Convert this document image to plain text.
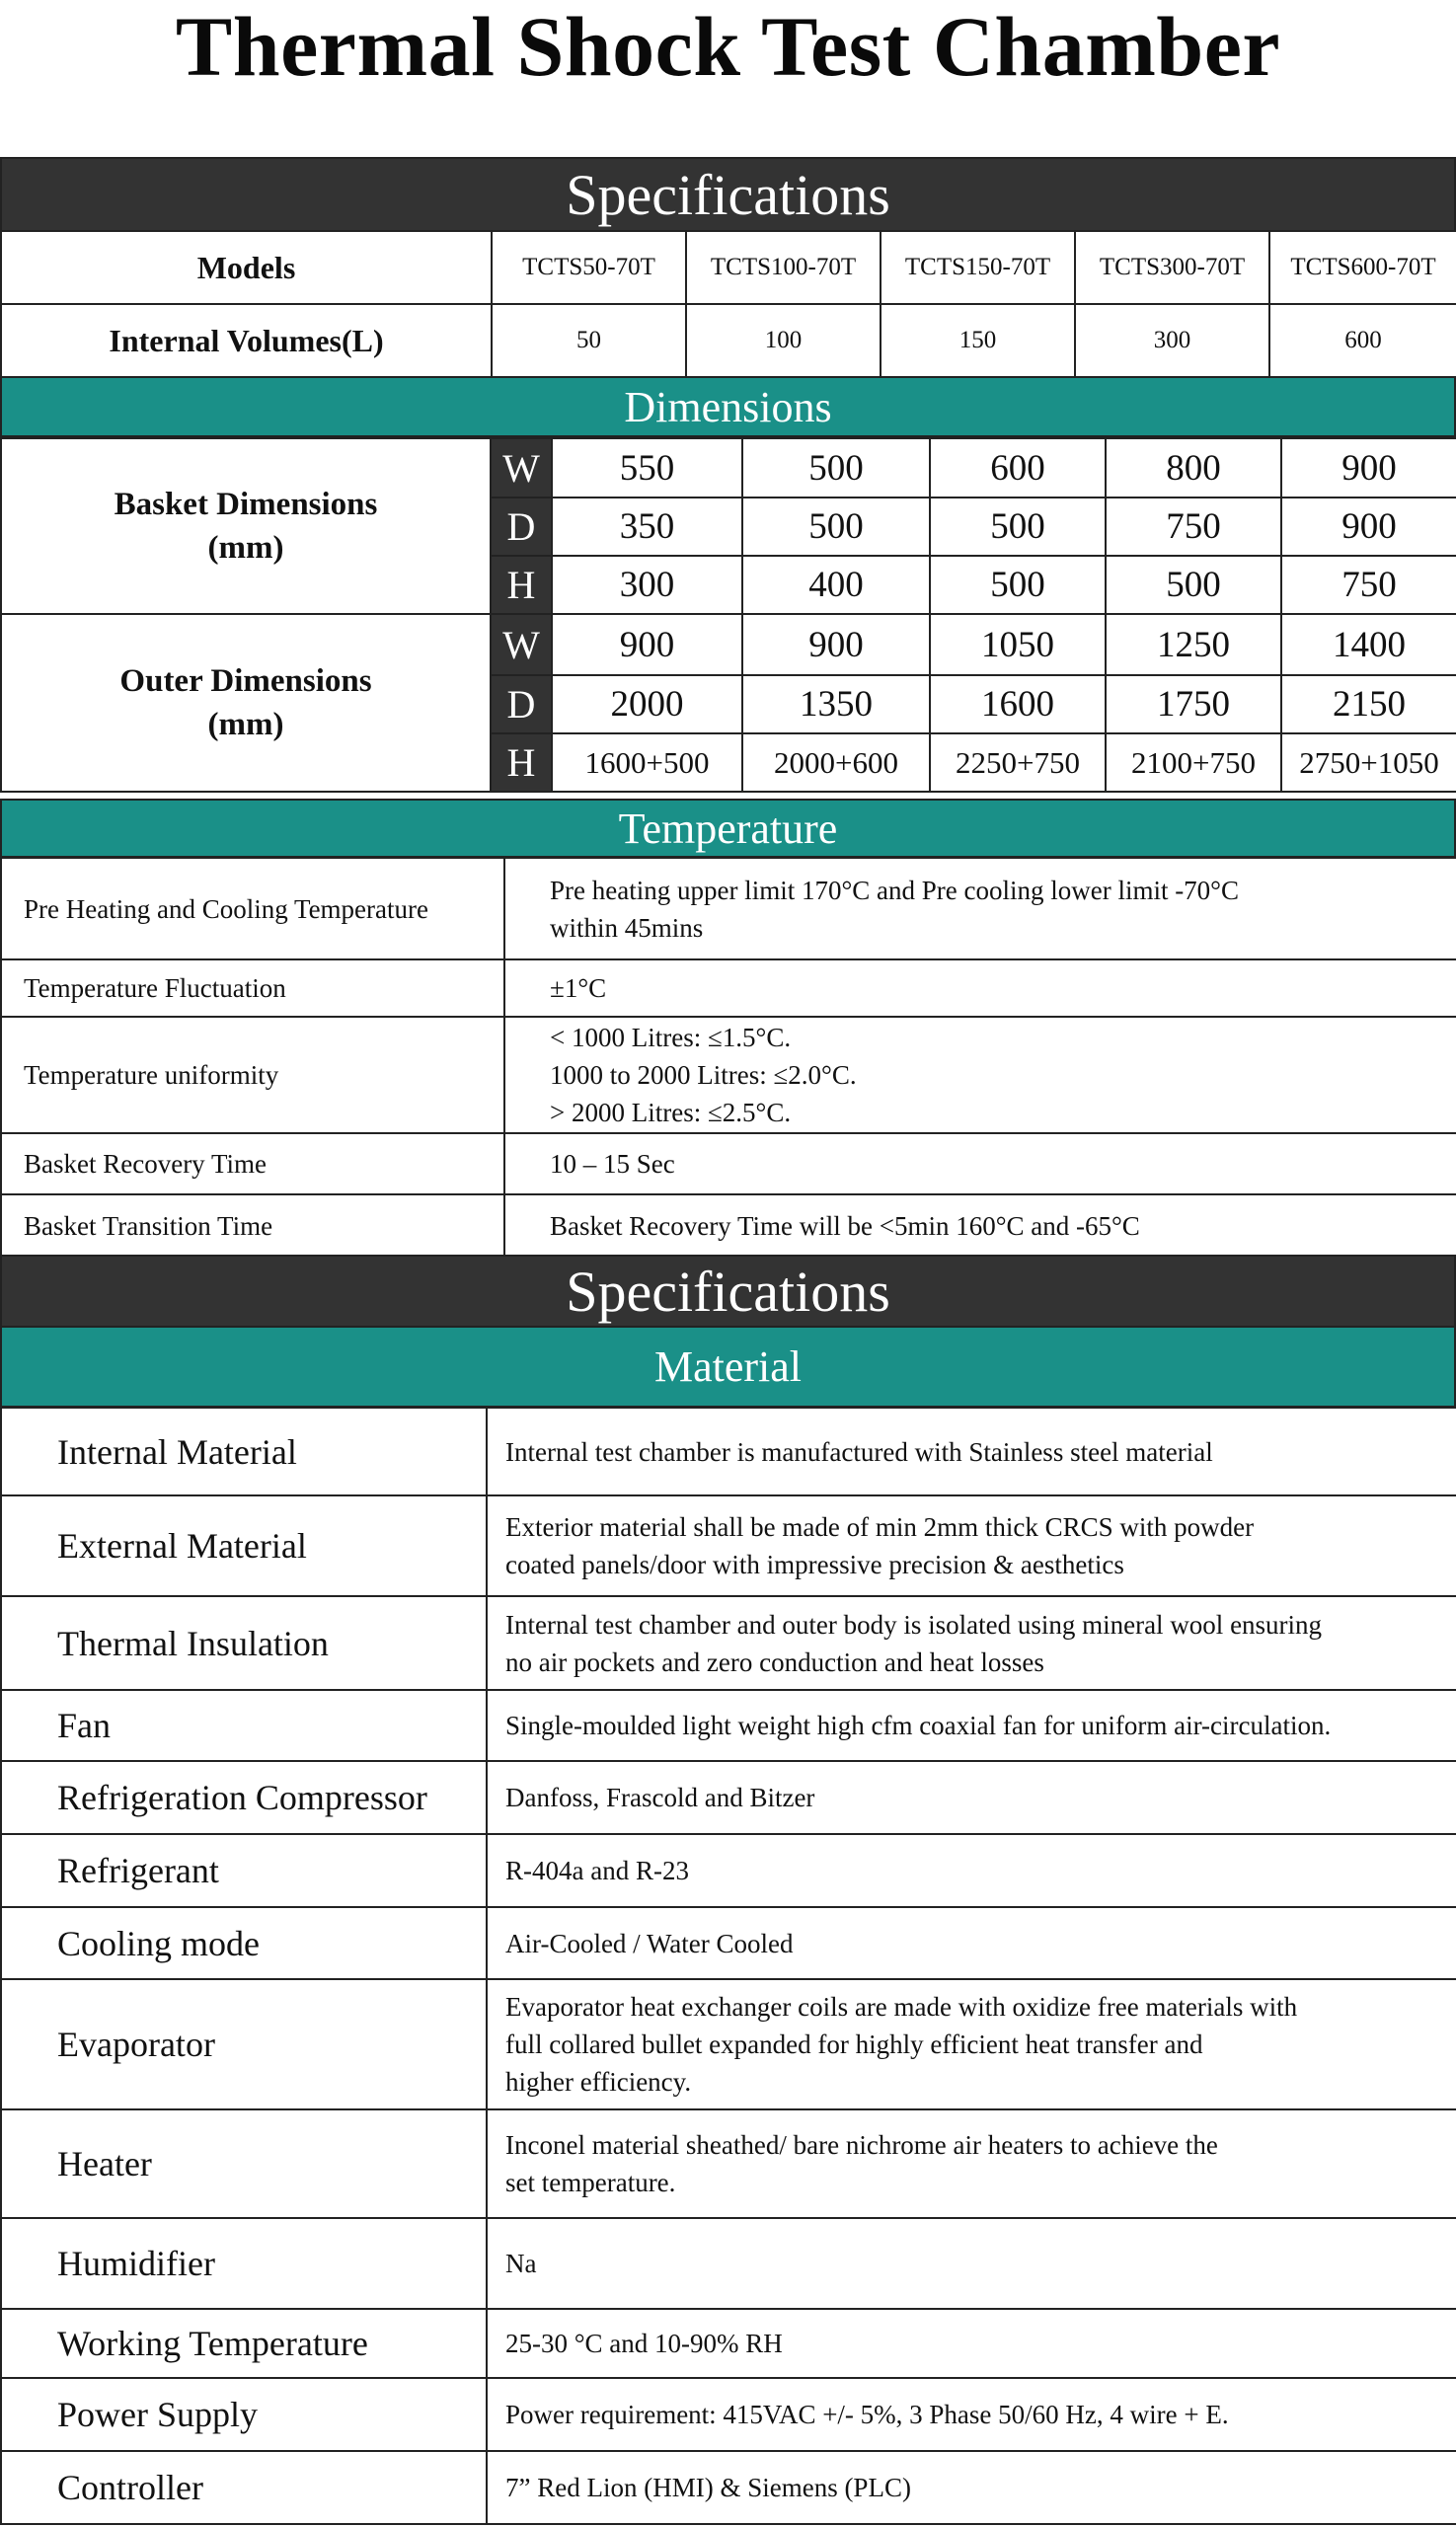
Thermal Shock Test Chamber
Specifications
Models	TCTS50-70T	TCTS100-70T	TCTS150-70T	TCTS300-70T	TCTS600-70T
Internal Volumes(L)	50	100	150	300	600
Dimensions
Basket Dimensions
(mm)	W	550	500	600	800	900
	D	350	500	500	750	900
	H	300	400	500	500	750

Outer Dimensions
(mm)	W	900	900	1050	1250	1400
	D	2000	1350	1600	1750	2150
	H	1600+500	2000+600	2250+750	2100+750	2750+1050
Temperature
Pre Heating and Cooling Temperature	Pre heating upper limit 170°C and Pre cooling lower limit -70°C
within 45mins

Temperature Fluctuation	±1°C

Temperature uniformity	< 1000 Litres: ≤1.5°C.
1000 to 2000 Litres: ≤2.0°C.
> 2000 Litres: ≤2.5°C.

Basket Recovery Time	10 – 15 Sec

Basket Transition Time	Basket Recovery Time will be <5min 160°C and -65°C
Specifications
Material
Internal Material	Internal test chamber is manufactured with Stainless steel material

External Material	Exterior material shall be made of min 2mm thick CRCS with powder
coated panels/door with impressive precision & aesthetics

Thermal Insulation	Internal test chamber and outer body is isolated using mineral wool ensuring
no air pockets and zero conduction and heat losses

Fan	Single-moulded light weight high cfm coaxial fan for uniform air-circulation.

Refrigeration Compressor	Danfoss, Frascold and Bitzer

Refrigerant	R-404a and R-23

Cooling mode	Air-Cooled / Water Cooled

Evaporator	Evaporator heat exchanger coils are made with oxidize free materials with
full collared bullet expanded for highly efficient heat transfer and
higher efficiency.

Heater	Inconel material sheathed/ bare nichrome air heaters to achieve the
set temperature.

Humidifier	Na

Working Temperature	25-30 °C and 10-90% RH

Power Supply	Power requirement: 415VAC +/- 5%, 3 Phase 50/60 Hz, 4 wire + E.

Controller	7” Red Lion (HMI) & Siemens (PLC)
